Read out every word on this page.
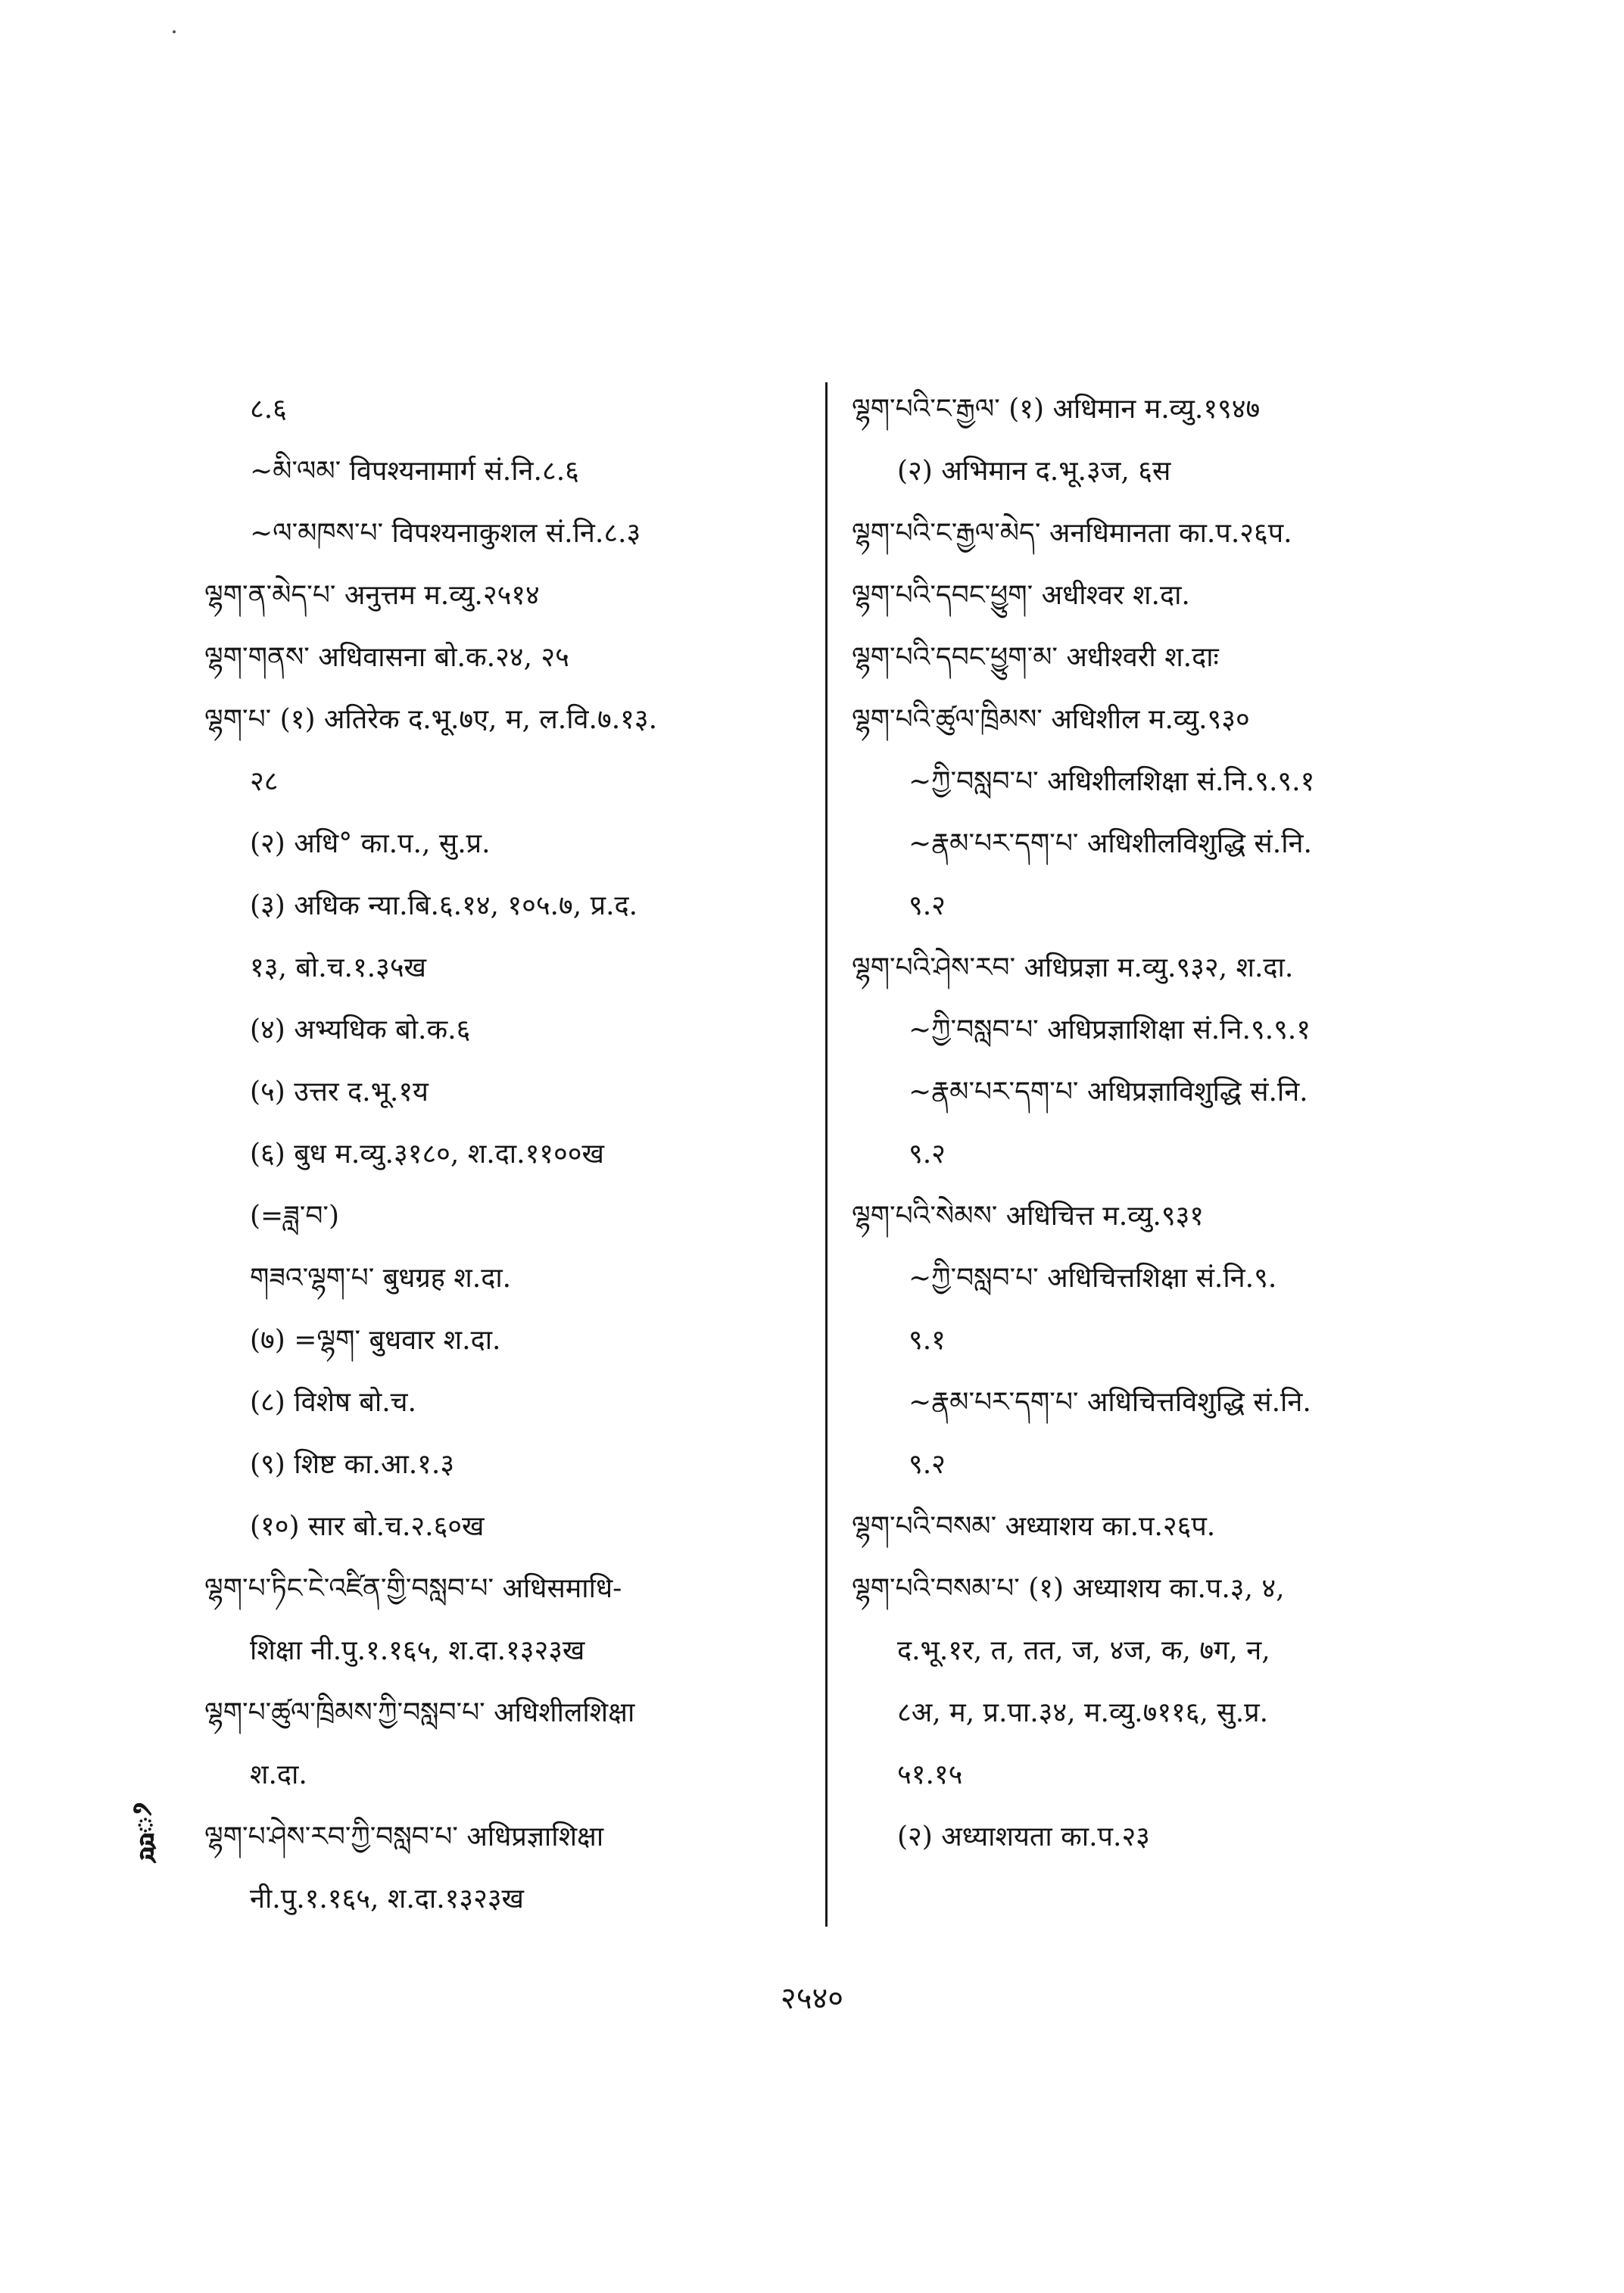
८.६
~མི་ལམ་ विपश्यनामार्ग सं.नि.८.६
~ལ་མཁས་པ་ विपश्यनाकुशल सं.नि.८.३
ལྷག་ན་མེད་པ་ अनुत्तम म.व्यु.२५१४
ལྷག་གནས་ अधिवासना बो.क.२४, २५
ལྷག་པ་ (१) अतिरेक द.भू.७ए, म, ल.वि.७.१३.
२८
(२) अधि° का.प., सु.प्र.
(३) अधिक न्या.बि.६.१४, १०५.७, प्र.द.
१३, बो.च.१.३५ख
(४) अभ्यधिक बो.क.६
(५) उत्तर द.भू.१य
(६) बुध म.व्यु.३१८०, श.दा.११००ख
(=ཟླ་བ་)
གཟའ་ལྷག་པ་ बुधग्रह श.दा.
(७) =ལྷག་ बुधवार श.दा.
(८) विशेष बो.च.
(९) शिष्ट का.आ.१.३
(१०) सार बो.च.२.६०ख
ལྷག་པ་ཏིང་ངེ་འཛིན་གྱི་བསླབ་པ་ अधिसमाधि-
शिक्षा नी.पु.१.१६५, श.दा.१३२३ख
ལྷག་པ་ཚུལ་ཁྲིམས་ཀྱི་བསླབ་པ་ अधिशीलशिक्षा
श.दा.
ལྷག་པ་ཤེས་རབ་ཀྱི་བསླབ་པ་ अधिप्रज्ञाशिक्षा
नी.पु.१.१६५, श.दा.१३२३ख
ལྷག་པའི་ང་རྒྱལ་ (१) अधिमान म.व्यु.१९४७
(२) अभिमान द.भू.३ज, ६स
ལྷག་པའི་ང་རྒྱལ་མེད་ अनधिमानता का.प.२६प.
ལྷག་པའི་དབང་ཕྱུག་ अधीश्वर श.दा.
ལྷག་པའི་དབང་ཕྱུག་མ་ अधीश्वरी श.दाः
ལྷག་པའི་ཚུལ་ཁྲིམས་ अधिशील म.व्यु.९३०
~ཀྱི་བསླབ་པ་ अधिशीलशिक्षा सं.नि.९.९.१
~རྣམ་པར་དག་པ་ अधिशीलविशुद्धि सं.नि.
९.२
ལྷག་པའི་ཤེས་རབ་ अधिप्रज्ञा म.व्यु.९३२, श.दा.
~ཀྱི་བསླབ་པ་ अधिप्रज्ञाशिक्षा सं.नि.९.९.१
~རྣམ་པར་དག་པ་ अधिप्रज्ञाविशुद्धि सं.नि.
९.२
ལྷག་པའི་སེམས་ अधिचित्त म.व्यु.९३१
~ཀྱི་བསླབ་པ་ अधिचित्तशिक्षा सं.नि.९.
९.१
~རྣམ་པར་དག་པ་ अधिचित्तविशुद्धि सं.नि.
९.२
ལྷག་པའི་བསམ་ अध्याशय का.प.२६प.
ལྷག་པའི་བསམ་པ་ (१) अध्याशय का.प.३, ४,
द.भू.१र, त, तत, ज, ४ज, क, ७ग, न,
८अ, म, प्र.पा.३४, म.व्यु.७११६, सु.प्र.
५१.१५
(२) अध्याशयता का.प.२३
ཱཱི
२५४०
